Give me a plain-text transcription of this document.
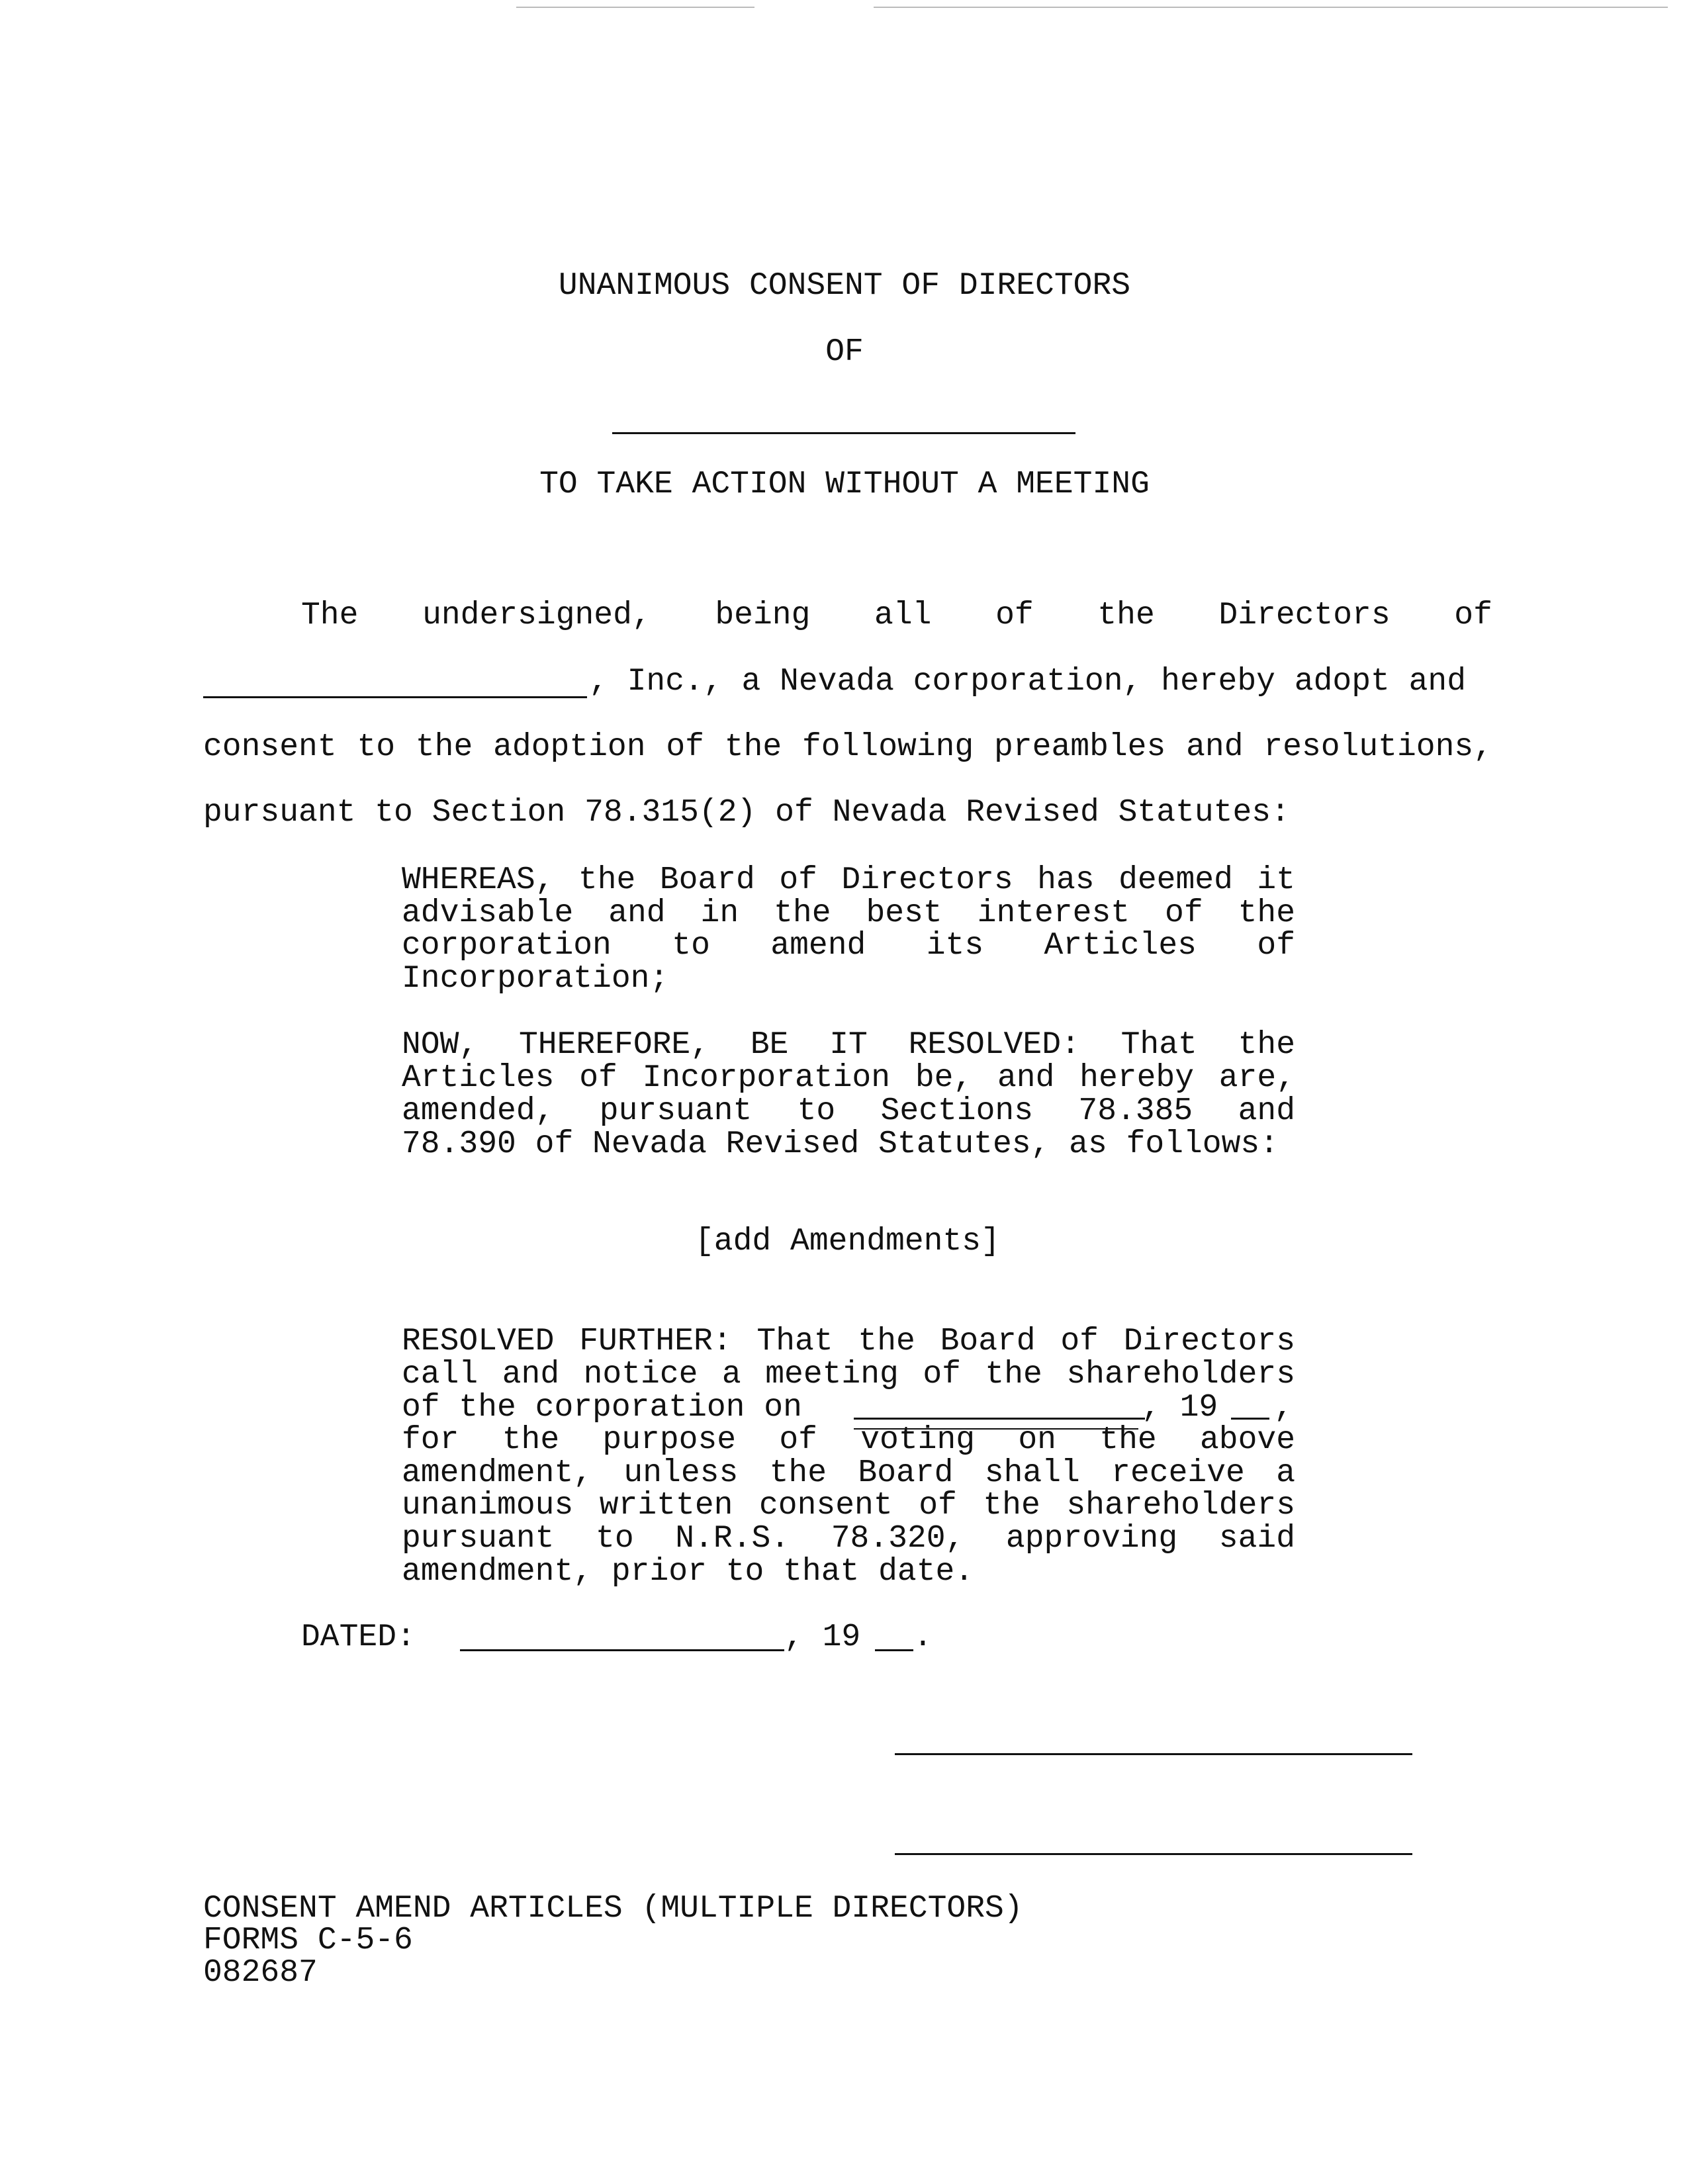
UNANIMOUS CONSENT OF DIRECTORS
OF
TO TAKE ACTION WITHOUT A MEETING
The undersigned, being all of the Directors of
, Inc., a Nevada corporation, hereby adopt and
consent to the adoption of the following preambles and resolutions,
pursuant to Section 78.315(2) of Nevada Revised Statutes:
WHEREAS, the Board of Directors has deemed it
advisable and in the best interest of the
corporation to amend its Articles of
Incorporation;
NOW, THEREFORE, BE IT RESOLVED: That the
Articles of Incorporation be, and hereby are,
amended, pursuant to Sections 78.385 and
78.390 of Nevada Revised Statutes, as follows:
[add Amendments]
RESOLVED FURTHER: That the Board of Directors
call and notice a meeting of the shareholders
of the corporation on	, 19 ,
for the purpose of voting on the above
amendment, unless the Board shall receive a
unanimous written consent of the shareholders
pursuant to N.R.S. 78.320, approving said
amendment, prior to that date.
DATED:	, 19 .
CONSENT AMEND ARTICLES (MULTIPLE DIRECTORS)
FORMS C-5-6
082687
